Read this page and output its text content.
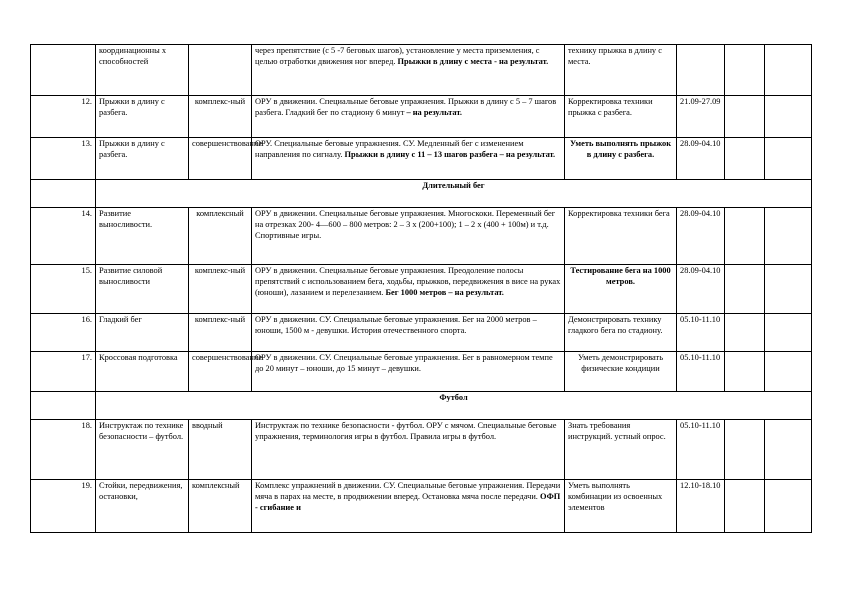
	координационны х способностей		через препятствие (с 5 -7 беговых шагов), установление у места приземления, с целью отработки движения ног вперед. Прыжки в длину с места - на результат.	технику прыжка в длину с места.			
12.	Прыжки в длину с разбега.	комплекс-ный	ОРУ в движении. Специальные беговые упражнения. Прыжки в длину с 5 – 7 шагов разбега. Гладкий бег по стадиону 6 минут – на результат.	Корректировка техники прыжка с разбега.	21.09-27.09		
13.	Прыжки в длину с разбега.	совершенствование	ОРУ. Специальные беговые упражнения. СУ. Медленный бег с изменением направления по сигналу. Прыжки в длину с 11 – 13 шагов разбега – на результат.	Уметь выполнять прыжок в длину с разбега.	28.09-04.10		
	Длительный бег						
14.	Развитие выносливости.	комплексный	ОРУ в движении. Специальные беговые упражнения. Многоскоки. Переменный бег на отрезках 200- 4—600 – 800 метров: 2 – 3 х (200+100); 1 – 2 х (400 + 100м) и т.д. Спортивные игры.	Корректировка техники бега	28.09-04.10		
15.	Развитие силовой выносливости	комплекс-ный	ОРУ в движении. Специальные беговые упражнения. Преодоление полосы препятствий с использованием бега, ходьбы, прыжков, передвижения в висе на руках (юноши), лазанием и перелезанием. Бег 1000 метров – на результат.	Тестирование бега на 1000 метров.	28.09-04.10		
16.	Гладкий бег	комплекс-ный	ОРУ в движении. СУ. Специальные беговые упражнения. Бег на 2000 метров – юноши, 1500 м - девушки. История отечественного спорта.	Демонстрировать технику гладкого бега по стадиону.	05.10-11.10		
17.	Кроссовая подготовка	совершенствование	ОРУ в движении. СУ. Специальные беговые упражнения. Бег в равномерном темпе до 20 минут – юноши, до 15 минут – девушки.	Уметь демонстрировать физические кондиции	05.10-11.10		
	Футбол						
18.	Инструктаж по технике безопасности – футбол.	вводный	Инструктаж по технике безопасности - футбол. ОРУ с мячом. Специальные беговые упражнения, терминология игры в футбол. Правила игры в футбол.	Знать требования инструкций. устный опрос.	05.10-11.10		
19.	Стойки, передвижения, остановки,	комплексный	Комплекс упражнений в движении. СУ. Специальные беговые упражнения. Передачи мяча в парах на месте, в продвижении вперед. Остановка мяча после передачи. ОФП - сгибание и	Уметь выполнять комбинации из освоенных элементов	12.10-18.10		
